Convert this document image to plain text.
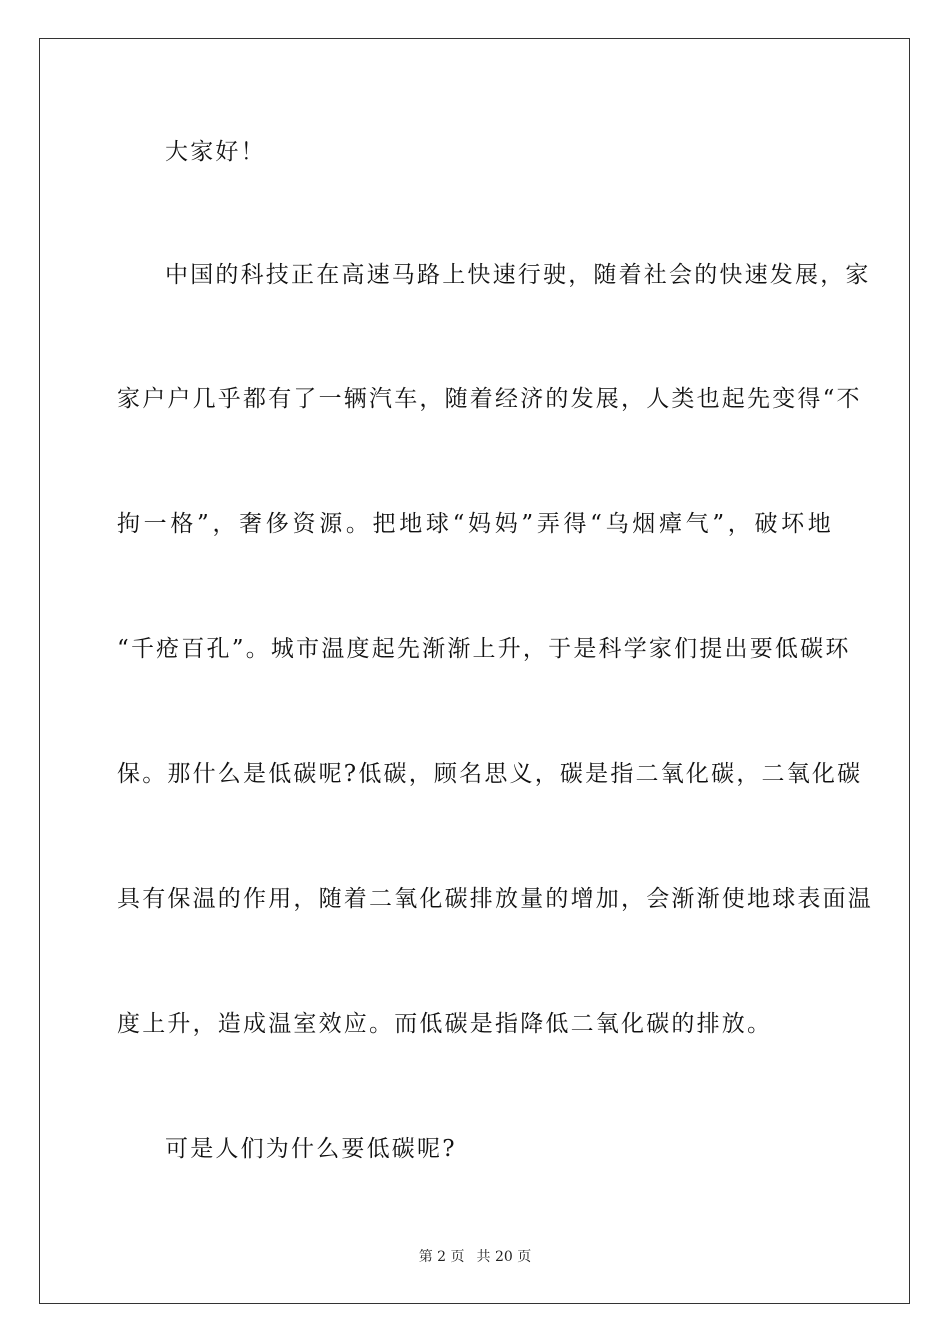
大家好！
中国的科技正在高速马路上快速行驶，随着社会的快速发展，家
家户户几乎都有了一辆汽车，随着经济的发展，人类也起先变得“不
拘一格”，奢侈资源。把地球“妈妈”弄得“乌烟瘴气”，破坏地
“千疮百孔”。城市温度起先渐渐上升，于是科学家们提出要低碳环
保。那什么是低碳呢?低碳，顾名思义，碳是指二氧化碳，二氧化碳
具有保温的作用，随着二氧化碳排放量的增加，会渐渐使地球表面温
度上升，造成温室效应。而低碳是指降低二氧化碳的排放。
可是人们为什么要低碳呢?
第 2 页 共 20 页
